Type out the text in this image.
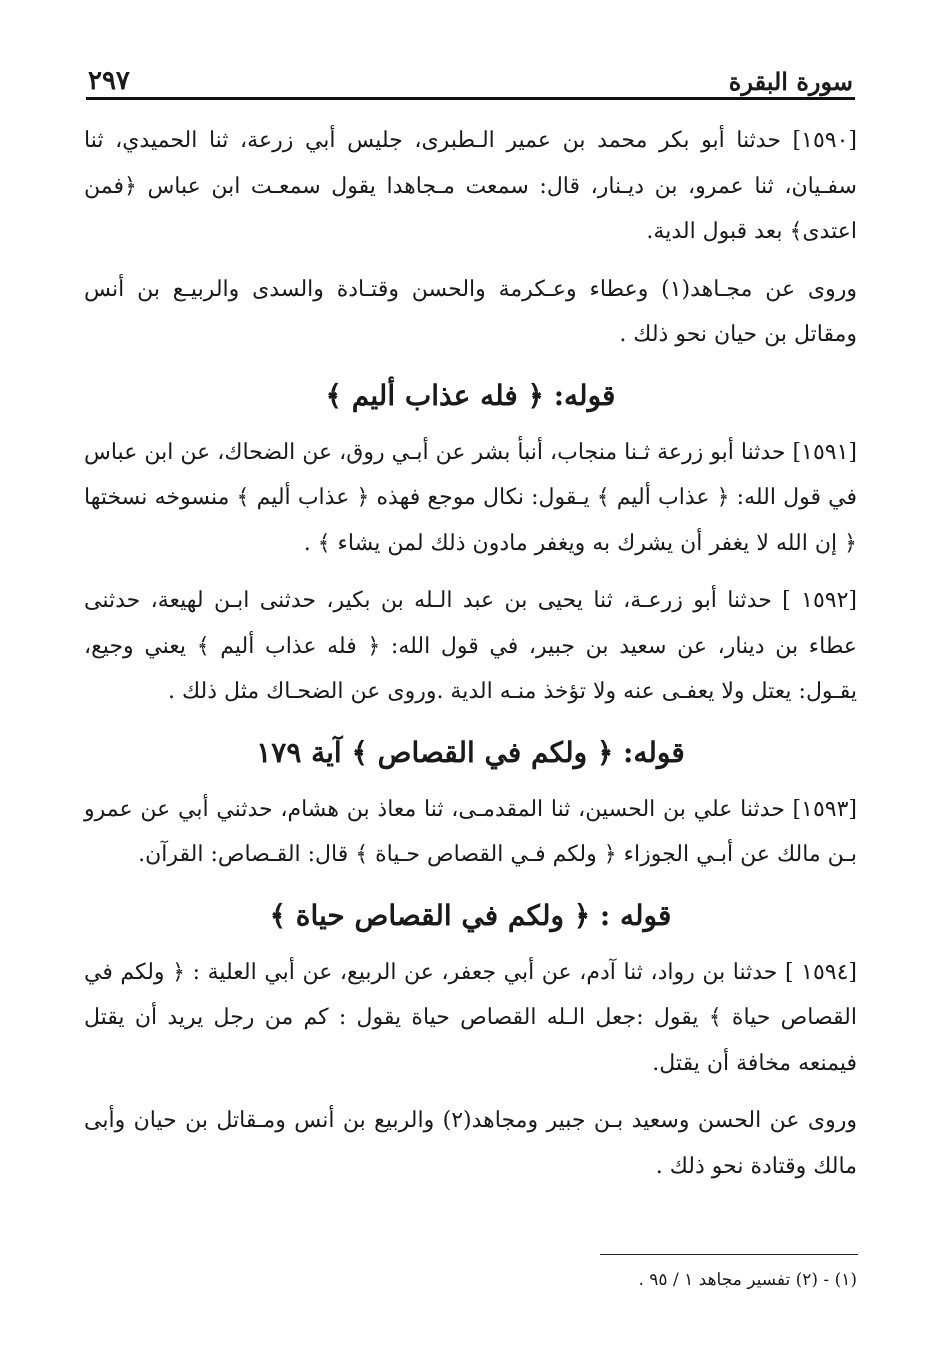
سورة البقرة
٢٩٧

[١٥٩٠] حدثنا أبو بكر محمد بن عمير الـطبرى، جليس أبي زرعة، ثنا الحميدي، ثنا سفـيان، ثنا عمرو، بن ديـنار، قال: سمعت مـجاهدا يقول سمعـت ابن عباس ﴿فمن اعتدى﴾ بعد قبول الدية.

وروى عن مجـاهد(١) وعطاء وعـكرمة والحسن وقتـادة والسدى والربيـع بن أنس ومقاتل بن حيان نحو ذلك .

قوله: ﴿ فله عذاب أليم ﴾

[١٥٩١] حدثنا أبو زرعة ثـنا منجاب، أنبأ بشر عن أبـي روق، عن الضحاك، عن ابن عباس في قول الله: ﴿ عذاب أليم ﴾ يـقول: نكال موجع فهذه ﴿ عذاب أليم ﴾ منسوخه نسختها ﴿ إن الله لا يغفر أن يشرك به ويغفر مادون ذلك لمن يشاء ﴾ .

[١٥٩٢ ] حدثنا أبو زرعـة، ثنا يحيى بن عبد الـله بن بكير، حدثنى ابـن لهيعة، حدثنى عطاء بن دينار، عن سعيد بن جبير، في قول الله: ﴿ فله عذاب أليم ﴾ يعني وجيع، يقـول: يعتل ولا يعفـى عنه ولا تؤخذ منـه الدية .وروى عن الضحـاك مثل ذلك .

قوله: ﴿ ولكم في القصاص ﴾ آية ١٧٩

[١٥٩٣] حدثنا علي بن الحسين، ثنا المقدمـى، ثنا معاذ بن هشام، حدثني أبي عن عمرو بـن مالك عن أبـي الجوزاء ﴿ ولكم فـي القصاص حـياة ﴾ قال: القـصاص: القرآن.

قوله : ﴿ ولكم في القصاص حياة ﴾

[١٥٩٤ ] حدثنا بن رواد، ثنا آدم، عن أبي جعفر، عن الربيع، عن أبي العلية : ﴿ ولكم في القصاص حياة ﴾ يقول :جعل الـله القصاص حياة يقول : كم من رجل يريد أن يقتل فيمنعه مخافة أن يقتل.

وروى عن الحسن وسعيد بـن جبير ومجاهد(٢) والربيع بن أنس ومـقاتل بن حيان وأبى مالك وقتادة نحو ذلك .

(١) - (٢) تفسير مجاهد ١ / ٩٥ .
